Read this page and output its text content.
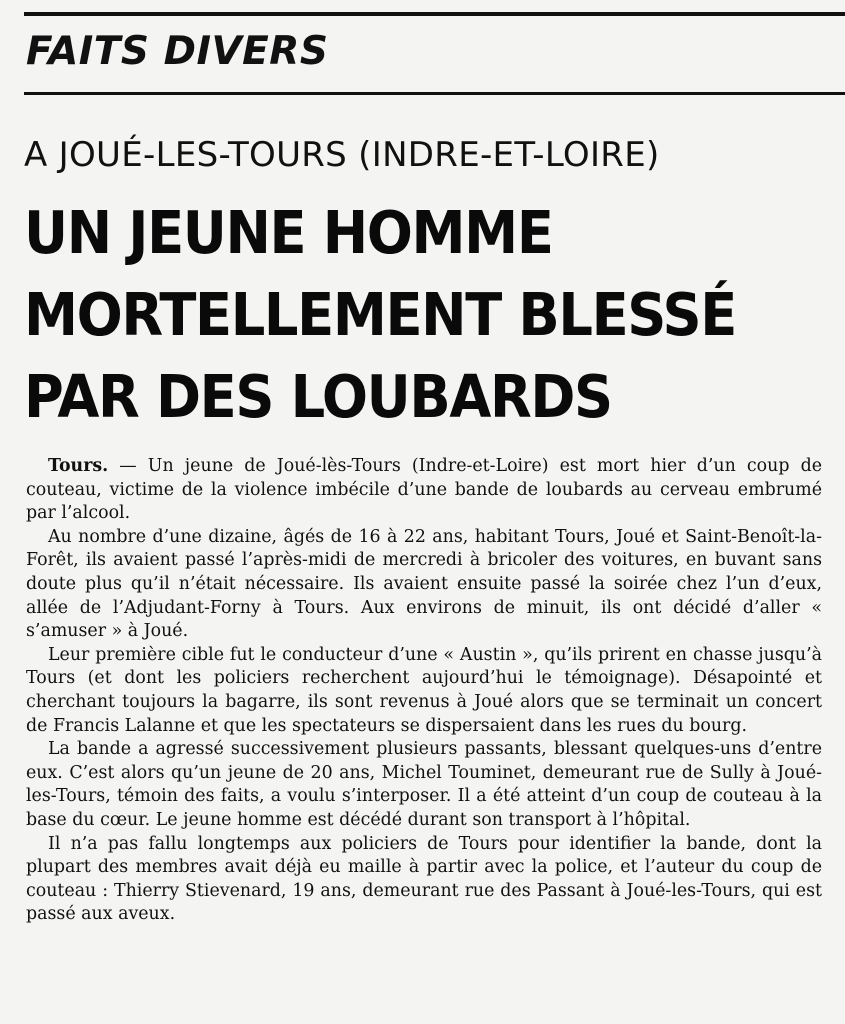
FAITS DIVERS
A JOUÉ-LES-TOURS (INDRE-ET-LOIRE)
UN JEUNE HOMME
MORTELLEMENT BLESSÉ
PAR DES LOUBARDS

Tours. — Un jeune de Joué-lès-Tours (Indre-et-Loire) est mort hier d’un coup de couteau, victime de la violence imbécile d’une bande de loubards au cerveau embrumé par l’alcool.

Au nombre d’une dizaine, âgés de 16 à 22 ans, habitant Tours, Joué et Saint-Benoît-la-Forêt, ils avaient passé l’après-midi de mercredi à bricoler des voitures, en buvant sans doute plus qu’il n’était nécessaire. Ils avaient ensuite passé la soirée chez l’un d’eux, allée de l’Adjudant-Forny à Tours. Aux environs de minuit, ils ont décidé d’aller « s’amuser » à Joué.

Leur première cible fut le conducteur d’une « Austin », qu’ils prirent en chasse jusqu’à Tours (et dont les policiers recherchent aujourd’hui le témoignage). Désapointé et cherchant toujours la bagarre, ils sont revenus à Joué alors que se terminait un concert de Francis Lalanne et que les spectateurs se dispersaient dans les rues du bourg.

La bande a agressé successivement plusieurs passants, blessant quelques-uns d’entre eux. C’est alors qu’un jeune de 20 ans, Michel Touminet, demeurant rue de Sully à Joué-les-Tours, témoin des faits, a voulu s’interposer. Il a été atteint d’un coup de couteau à la base du cœur. Le jeune homme est décédé durant son transport à l’hôpital.

Il n’a pas fallu longtemps aux policiers de Tours pour identifier la bande, dont la plupart des membres avait déjà eu maille à partir avec la police, et l’auteur du coup de couteau : Thierry Stievenard, 19 ans, demeurant rue des Passant à Joué-les-Tours, qui est passé aux aveux.
